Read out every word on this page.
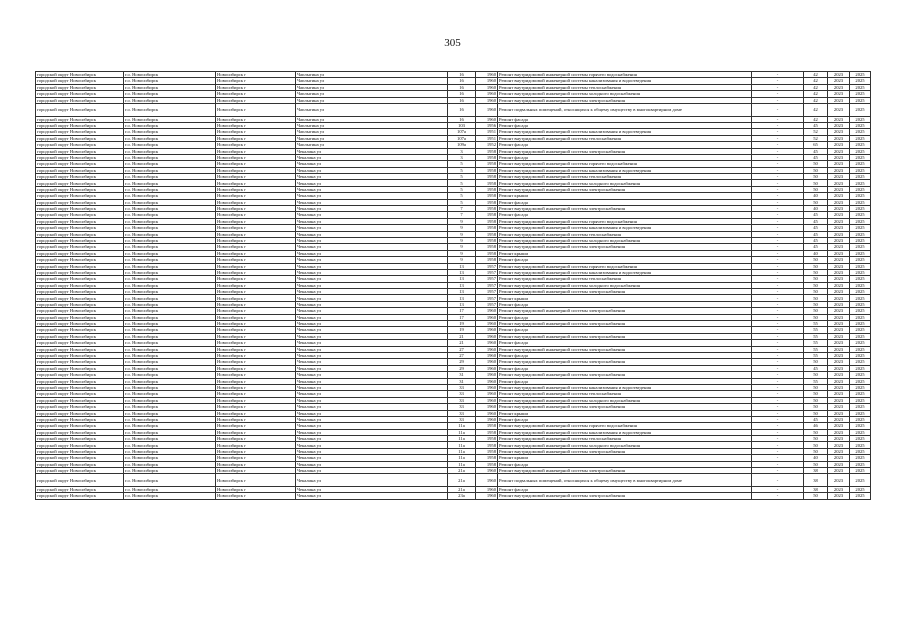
305
городской округ Новосибирск	г.о. Новосибирск	Новосибирск г	Чаплыгина ул	16	1960	Ремонт внутридомовой инженерной системы горячего водоснабжения	-	42	2023	2025
городской округ Новосибирск	г.о. Новосибирск	Новосибирск г	Чаплыгина ул	16	1960	Ремонт внутридомовой инженерной системы канализования и водоотведения	-	42	2023	2025
городской округ Новосибирск	г.о. Новосибирск	Новосибирск г	Чаплыгина ул	16	1960	Ремонт внутридомовой инженерной системы теплоснабжения	-	42	2023	2025
городской округ Новосибирск	г.о. Новосибирск	Новосибирск г	Чаплыгина ул	16	1960	Ремонт внутридомовой инженерной системы холодного водоснабжения	-	42	2023	2025
городской округ Новосибирск	г.о. Новосибирск	Новосибирск г	Чаплыгина ул	16	1960	Ремонт внутридомовой инженерной системы электроснабжения	-	42	2023	2025
городской округ Новосибирск	г.о. Новосибирск	Новосибирск г	Чаплыгина ул	16	1960	Ремонт подвальных помещений, относящихся к общему имуществу в многоквартирном доме	-	42	2023	2025
городской округ Новосибирск	г.о. Новосибирск	Новосибирск г	Чаплыгина ул	16	1960	Ремонт фасада	-	42	2023	2025
городской округ Новосибирск	г.о. Новосибирск	Новосибирск г	Чаплыгина ул	103	1956	Ремонт фасада	-	45	2023	2025
городской округ Новосибирск	г.о. Новосибирск	Новосибирск г	Чаплыгина ул	107а	1951	Ремонт внутридомовой инженерной системы канализования и водоотведения	-	52	2023	2025
городской округ Новосибирск	г.о. Новосибирск	Новосибирск г	Чаплыгина ул	107а	1951	Ремонт внутридомовой инженерной системы теплоснабжения	-	52	2023	2025
городской округ Новосибирск	г.о. Новосибирск	Новосибирск г	Чаплыгина ул	109а	1952	Ремонт фасада	-	65	2023	2025
городской округ Новосибирск	г.о. Новосибирск	Новосибирск г	Чекалина ул	3	1958	Ремонт внутридомовой инженерной системы электроснабжения	-	45	2023	2025
городской округ Новосибирск	г.о. Новосибирск	Новосибирск г	Чекалина ул	3	1958	Ремонт фасада	-	45	2023	2025
городской округ Новосибирск	г.о. Новосибирск	Новосибирск г	Чекалина ул	5	1958	Ремонт внутридомовой инженерной системы горячего водоснабжения	-	50	2023	2025
городской округ Новосибирск	г.о. Новосибирск	Новосибирск г	Чекалина ул	5	1958	Ремонт внутридомовой инженерной системы канализования и водоотведения	-	50	2023	2025
городской округ Новосибирск	г.о. Новосибирск	Новосибирск г	Чекалина ул	5	1958	Ремонт внутридомовой инженерной системы теплоснабжения	-	50	2023	2025
городской округ Новосибирск	г.о. Новосибирск	Новосибирск г	Чекалина ул	5	1958	Ремонт внутридомовой инженерной системы холодного водоснабжения	-	50	2023	2025
городской округ Новосибирск	г.о. Новосибирск	Новосибирск г	Чекалина ул	5	1958	Ремонт внутридомовой инженерной системы электроснабжения	-	50	2023	2025
городской округ Новосибирск	г.о. Новосибирск	Новосибирск г	Чекалина ул	5	1958	Ремонт крыши	-	40	2023	2025
городской округ Новосибирск	г.о. Новосибирск	Новосибирск г	Чекалина ул	5	1958	Ремонт фасада	-	50	2023	2025
городской округ Новосибирск	г.о. Новосибирск	Новосибирск г	Чекалина ул	7	1958	Ремонт внутридомовой инженерной системы электроснабжения	-	40	2023	2025
городской округ Новосибирск	г.о. Новосибирск	Новосибирск г	Чекалина ул	7	1958	Ремонт фасада	-	45	2023	2025
городской округ Новосибирск	г.о. Новосибирск	Новосибирск г	Чекалина ул	9	1958	Ремонт внутридомовой инженерной системы горячего водоснабжения	-	45	2023	2025
городской округ Новосибирск	г.о. Новосибирск	Новосибирск г	Чекалина ул	9	1958	Ремонт внутридомовой инженерной системы канализования и водоотведения	-	45	2023	2025
городской округ Новосибирск	г.о. Новосибирск	Новосибирск г	Чекалина ул	9	1958	Ремонт внутридомовой инженерной системы теплоснабжения	-	45	2023	2025
городской округ Новосибирск	г.о. Новосибирск	Новосибирск г	Чекалина ул	9	1958	Ремонт внутридомовой инженерной системы холодного водоснабжения	-	45	2023	2025
городской округ Новосибирск	г.о. Новосибирск	Новосибирск г	Чекалина ул	9	1958	Ремонт внутридомовой инженерной системы электроснабжения	-	45	2023	2025
городской округ Новосибирск	г.о. Новосибирск	Новосибирск г	Чекалина ул	9	1958	Ремонт крыши	-	40	2023	2025
городской округ Новосибирск	г.о. Новосибирск	Новосибирск г	Чекалина ул	9	1958	Ремонт фасада	-	50	2023	2025
городской округ Новосибирск	г.о. Новосибирск	Новосибирск г	Чекалина ул	13	1957	Ремонт внутридомовой инженерной системы горячего водоснабжения	-	50	2023	2025
городской округ Новосибирск	г.о. Новосибирск	Новосибирск г	Чекалина ул	13	1957	Ремонт внутридомовой инженерной системы канализования и водоотведения	-	50	2023	2025
городской округ Новосибирск	г.о. Новосибирск	Новосибирск г	Чекалина ул	13	1957	Ремонт внутридомовой инженерной системы теплоснабжения	-	50	2023	2025
городской округ Новосибирск	г.о. Новосибирск	Новосибирск г	Чекалина ул	13	1957	Ремонт внутридомовой инженерной системы холодного водоснабжения	-	50	2023	2025
городской округ Новосибирск	г.о. Новосибирск	Новосибирск г	Чекалина ул	13	1957	Ремонт внутридомовой инженерной системы электроснабжения	-	50	2023	2025
городской округ Новосибирск	г.о. Новосибирск	Новосибирск г	Чекалина ул	13	1957	Ремонт крыши	-	50	2023	2025
городской округ Новосибирск	г.о. Новосибирск	Новосибирск г	Чекалина ул	13	1957	Ремонт фасада	-	50	2023	2025
городской округ Новосибирск	г.о. Новосибирск	Новосибирск г	Чекалина ул	17	1960	Ремонт внутридомовой инженерной системы электроснабжения	-	50	2023	2025
городской округ Новосибирск	г.о. Новосибирск	Новосибирск г	Чекалина ул	17	1960	Ремонт фасада	-	50	2023	2025
городской округ Новосибирск	г.о. Новосибирск	Новосибирск г	Чекалина ул	19	1960	Ремонт внутридомовой инженерной системы электроснабжения	-	55	2023	2025
городской округ Новосибирск	г.о. Новосибирск	Новосибирск г	Чекалина ул	19	1960	Ремонт фасада	-	55	2023	2025
городской округ Новосибирск	г.о. Новосибирск	Новосибирск г	Чекалина ул	21	1960	Ремонт внутридомовой инженерной системы электроснабжения	-	55	2023	2025
городской округ Новосибирск	г.о. Новосибирск	Новосибирск г	Чекалина ул	21	1960	Ремонт фасада	-	55	2023	2025
городской округ Новосибирск	г.о. Новосибирск	Новосибирск г	Чекалина ул	27	1960	Ремонт внутридомовой инженерной системы электроснабжения	-	55	2023	2025
городской округ Новосибирск	г.о. Новосибирск	Новосибирск г	Чекалина ул	27	1960	Ремонт фасада	-	55	2023	2025
городской округ Новосибирск	г.о. Новосибирск	Новосибирск г	Чекалина ул	29	1960	Ремонт внутридомовой инженерной системы электроснабжения	-	50	2023	2025
городской округ Новосибирск	г.о. Новосибирск	Новосибирск г	Чекалина ул	29	1960	Ремонт фасада	-	45	2023	2025
городской округ Новосибирск	г.о. Новосибирск	Новосибирск г	Чекалина ул	31	1960	Ремонт внутридомовой инженерной системы электроснабжения	-	50	2023	2025
городской округ Новосибирск	г.о. Новосибирск	Новосибирск г	Чекалина ул	31	1960	Ремонт фасада	-	55	2023	2025
городской округ Новосибирск	г.о. Новосибирск	Новосибирск г	Чекалина ул	33	1960	Ремонт внутридомовой инженерной системы канализования и водоотведения	-	50	2023	2025
городской округ Новосибирск	г.о. Новосибирск	Новосибирск г	Чекалина ул	33	1960	Ремонт внутридомовой инженерной системы теплоснабжения	-	50	2023	2025
городской округ Новосибирск	г.о. Новосибирск	Новосибирск г	Чекалина ул	33	1960	Ремонт внутридомовой инженерной системы холодного водоснабжения	-	50	2023	2025
городской округ Новосибирск	г.о. Новосибирск	Новосибирск г	Чекалина ул	33	1960	Ремонт внутридомовой инженерной системы электроснабжения	-	50	2023	2025
городской округ Новосибирск	г.о. Новосибирск	Новосибирск г	Чекалина ул	33	1960	Ремонт крыши	-	50	2023	2025
городской округ Новосибирск	г.о. Новосибирск	Новосибирск г	Чекалина ул	33	1960	Ремонт фасада	-	45	2023	2025
городской округ Новосибирск	г.о. Новосибирск	Новосибирск г	Чекалина ул	11а	1958	Ремонт внутридомовой инженерной системы горячего водоснабжения	-	46	2023	2025
городской округ Новосибирск	г.о. Новосибирск	Новосибирск г	Чекалина ул	11а	1958	Ремонт внутридомовой инженерной системы канализования и водоотведения	-	50	2023	2025
городской округ Новосибирск	г.о. Новосибирск	Новосибирск г	Чекалина ул	11а	1958	Ремонт внутридомовой инженерной системы теплоснабжения	-	50	2023	2025
городской округ Новосибирск	г.о. Новосибирск	Новосибирск г	Чекалина ул	11а	1958	Ремонт внутридомовой инженерной системы холодного водоснабжения	-	50	2023	2025
городской округ Новосибирск	г.о. Новосибирск	Новосибирск г	Чекалина ул	11а	1958	Ремонт внутридомовой инженерной системы электроснабжения	-	50	2023	2025
городской округ Новосибирск	г.о. Новосибирск	Новосибирск г	Чекалина ул	11а	1958	Ремонт крыши	-	40	2023	2025
городской округ Новосибирск	г.о. Новосибирск	Новосибирск г	Чекалина ул	11а	1958	Ремонт фасада	-	50	2023	2025
городской округ Новосибирск	г.о. Новосибирск	Новосибирск г	Чекалина ул	21а	1960	Ремонт внутридомовой инженерной системы электроснабжения	-	38	2023	2025
городской округ Новосибирск	г.о. Новосибирск	Новосибирск г	Чекалина ул	21а	1960	Ремонт подвальных помещений, относящихся к общему имуществу в многоквартирном доме	-	38	2023	2025
городской округ Новосибирск	г.о. Новосибирск	Новосибирск г	Чекалина ул	21а	1960	Ремонт фасада	-	38	2023	2025
городской округ Новосибирск	г.о. Новосибирск	Новосибирск г	Чекалина ул	23а	1960	Ремонт внутридомовой инженерной системы электроснабжения	-	50	2023	2025
